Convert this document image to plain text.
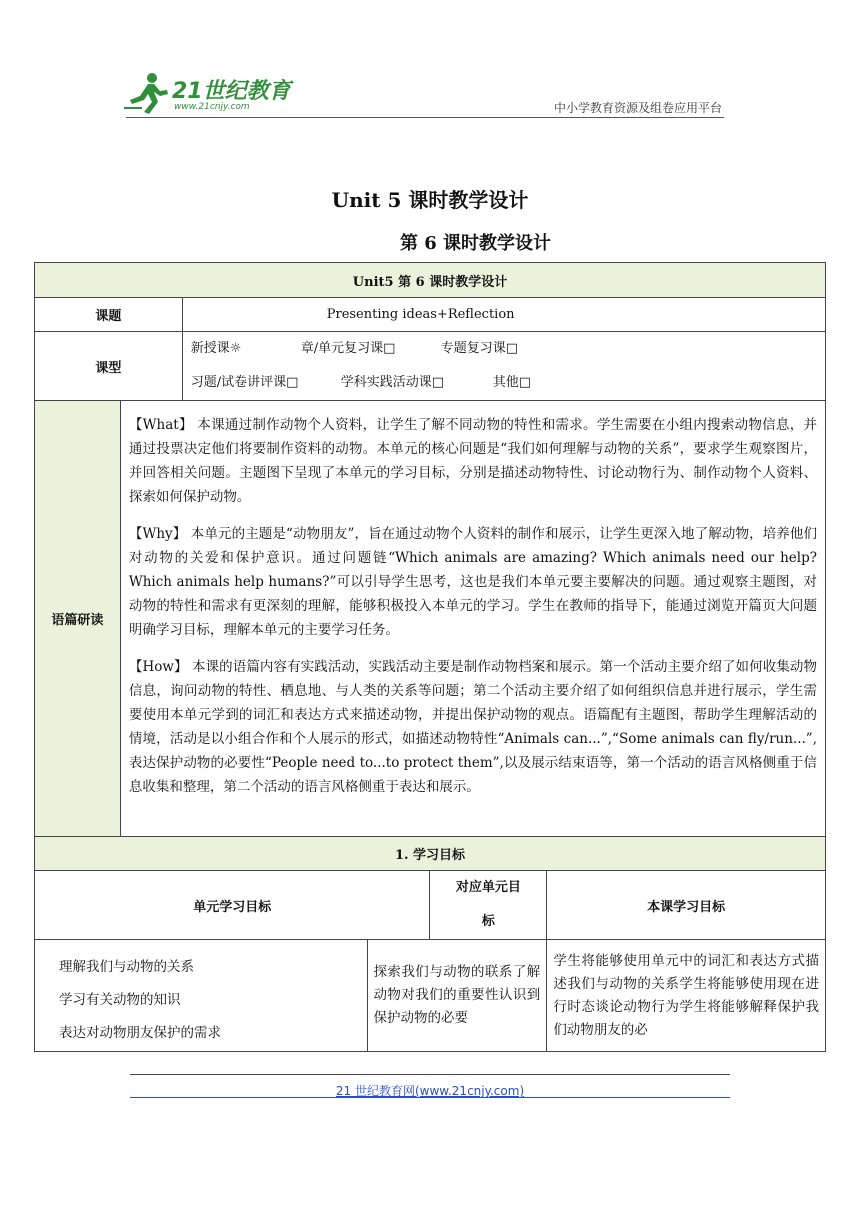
21世纪教育
www.21cnjy.com	中小学教育资源及组卷应用平台
Unit 5 课时教学设计
第 6 课时教学设计
Unit5 第 6 课时教学设计					
课题		Presenting ideas+Reflection			
课型		新授课☼ 章/单元复习课□ 专题复习课□
习题/试卷讲评课□ 学科实践活动课□ 其他□			

语篇研读	【What】 本课通过制作动物个人资料，让学生了解不同动物的特性和需求。学生需要在小组内搜索动物信息，并通过投票决定他们将要制作资料的动物。本单元的核心问题是“我们如何理解与动物的关系”，要求学生观察图片，并回答相关问题。主题图下呈现了本单元的学习目标，分别是描述动物特性、讨论动物行为、制作动物个人资料、探索如何保护动物。

【Why】 本单元的主题是“动物朋友”，旨在通过动物个人资料的制作和展示，让学生更深入地了解动物，培养他们对动物的关爱和保护意识。通过问题链“Which animals are amazing? Which animals need our help? Which animals help humans?”可以引导学生思考，这也是我们本单元要主要解决的问题。通过观察主题图，对动物的特性和需求有更深刻的理解，能够积极投入本单元的学习。学生在教师的指导下，能通过浏览开篇页大问题明确学习目标，理解本单元的主要学习任务。

【How】 本课的语篇内容有实践活动，实践活动主要是制作动物档案和展示。第一个活动主要介绍了如何收集动物信息，询问动物的特性、栖息地、与人类的关系等问题；第二个活动主要介绍了如何组织信息并进行展示，学生需要使用本单元学到的词汇和表达方式来描述动物，并提出保护动物的观点。语篇配有主题图，帮助学生理解活动的情境，活动是以小组合作和个人展示的形式，如描述动物特性“Animals can...”,“Some animals can fly/run...”,表达保护动物的必要性“People need to...to protect them”,以及展示结束语等，第一个活动的语言风格侧重于信息收集和整理，第二个活动的语言风格侧重于表达和展示。				

1. 学习目标					
单元学习目标				对应单元目标	本课学习目标

理解我们与动物的关系
学习有关动物的知识
表达对动物朋友保护的需求			探索我们与动物的联系了解动物对我们的重要性认识到保护动物的必要		学生将能够使用单元中的词汇和表达方式描述我们与动物的关系学生将能够使用现在进行时态谈论动物行为学生将能够解释保护我们动物朋友的必
21 世纪教育网(www.21cnjy.com)
